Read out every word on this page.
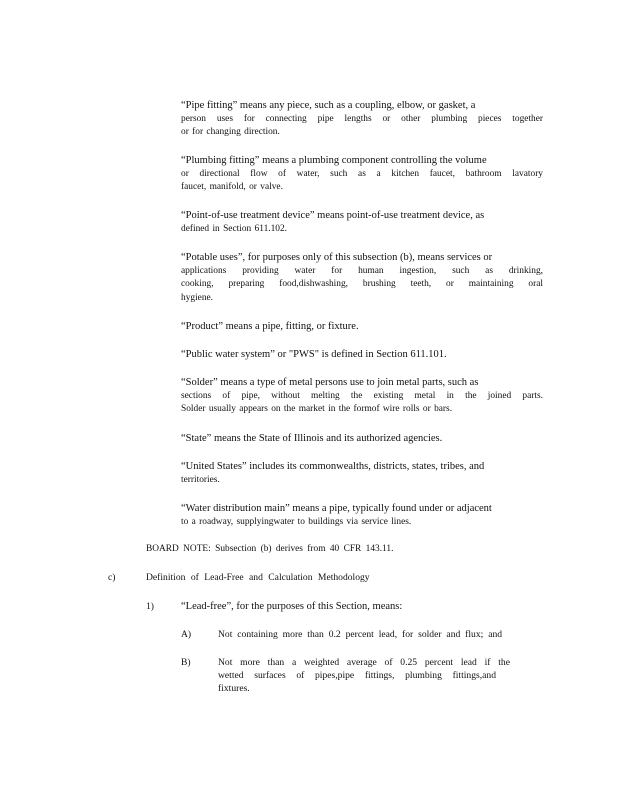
“Pipe fitting” means any piece, such as a coupling, elbow, or gasket, a

person uses for connecting pipe lengths or other plumbing pieces together

or for changing direction.

“Plumbing fitting” means a plumbing component controlling the volume

or directional flow of water, such as a kitchen faucet, bathroom lavatory

faucet, manifold, or valve.

“Point-of-use treatment device” means point-of-use treatment device, as

defined in Section 611.102.

“Potable uses”, for purposes only of this subsection (b), means services or

applications providing water for human ingestion, such as drinking,

cooking, preparing food,dishwashing, brushing teeth, or maintaining oral

hygiene.

“Product” means a pipe, fitting, or fixture.

“Public water system” or "PWS" is defined in Section 611.101.

“Solder” means a type of metal persons use to join metal parts, such as

sections of pipe, without melting the existing metal in the joined parts.

Solder usually appears on the market in the formof wire rolls or bars.

“State” means the State of Illinois and its authorized agencies.

“United States” includes its commonwealths, districts, states, tribes, and

territories.

“Water distribution main” means a pipe, typically found under or adjacent

to a roadway, supplyingwater to buildings via service lines.

BOARD NOTE: Subsection (b) derives from 40 CFR 143.11.
c)	Definition of Lead-Free and Calculation Methodology
1)	“Lead-free”, for the purposes of this Section, means:
A)	Not containing more than 0.2 percent lead, for solder and flux; and
B)	Not more than a weighted average of 0.25 percent lead if the
wetted surfaces of pipes,pipe fittings, plumbing fittings,and
fixtures.
